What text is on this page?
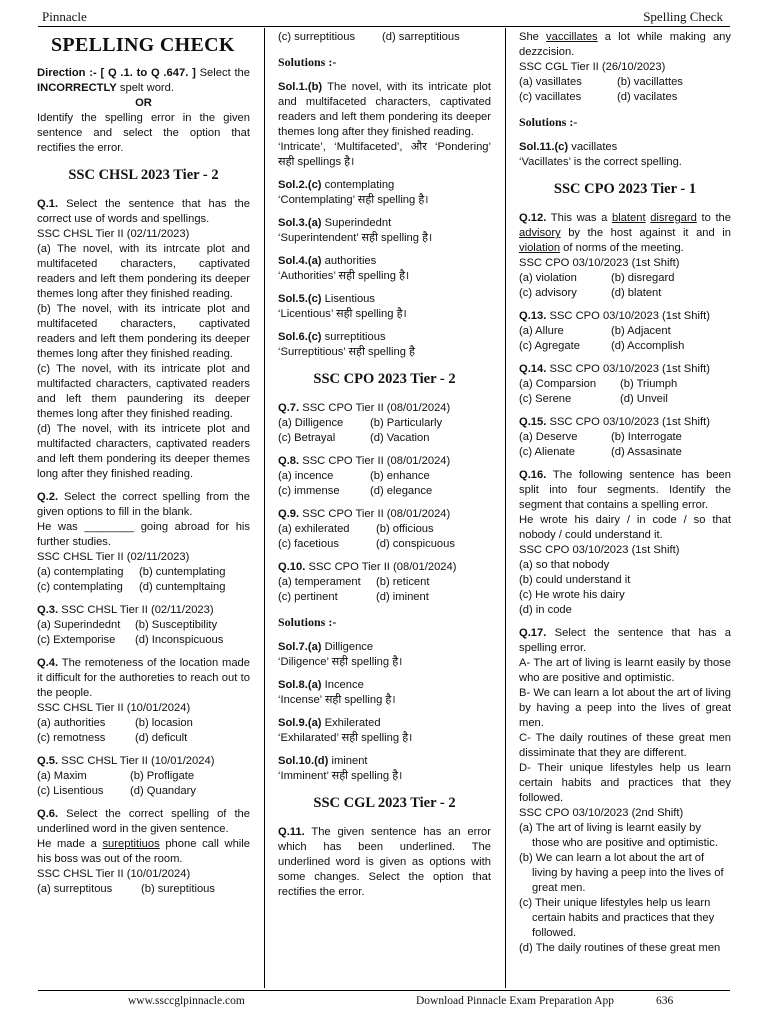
Pinnacle	Spelling Check
SPELLING CHECK
Direction :- [ Q .1. to Q .647. ] Select the INCORRECTLY spelt word.
OR
Identify the spelling error in the given sentence and select the option that rectifies the error.
SSC CHSL 2023 Tier - 2
Q.1. Select the sentence that has the correct use of words and spellings.
SSC CHSL Tier II (02/11/2023)
(a) The novel, with its intrcate plot and multifaceted characters, captivated readers and left them pondering its deeper themes long after they finished reading.
(b) The novel, with its intricate plot and multifaceted characters, captivated readers and left them pondering its deeper themes long after they finished reading.
(c) The novel, with its intricate plot and multifacted characters, captivated readers and left them paundering its deeper themes long after they finished reading.
(d) The novel, with its intricete plot and multifacted characters, captivated readers and left them pondering its deeper themes long after they finished reading.
Q.2. Select the correct spelling from the given options to fill in the blank.
He was ________ going abroad for his further studies.
SSC CHSL Tier II (02/11/2023)
(a) contemplating	(b) cuntemplating
(c) contemplating	(d) cuntempltaing
Q.3. SSC CHSL Tier II (02/11/2023)
(a) Superindednt	(b) Susceptibility
(c) Extemporise	(d) Inconspicuous
Q.4. The remoteness of the location made it difficult for the authoreties to reach out to the people.
SSC CHSL Tier II (10/01/2024)
(a) authorities	(b) locasion
(c) remotness	(d) deficult
Q.5. SSC CHSL Tier II (10/01/2024)
(a) Maxim	(b) Profligate
(c) Lisentious	(d) Quandary
Q.6. Select the correct spelling of the underlined word in the given sentence.
He made a sureptitiuos phone call while his boss was out of the room.
SSC CHSL Tier II (10/01/2024)
(a) surreptitous	(b) sureptitious
(c) surreptitious	(d) sarreptitious
Solutions :-
Sol.1.(b) The novel, with its intricate plot and multifaceted characters, captivated readers and left them pondering its deeper themes long after they finished reading.
‘Intricate’, ‘Multifaceted’, और ‘Pondering’ सही spellings है।
Sol.2.(c) contemplating
‘Contemplating’ सही spelling है।
Sol.3.(a) Superindednt
‘Superintendent’ सही spelling है।
Sol.4.(a) authorities
‘Authorities’ सही spelling है।
Sol.5.(c) Lisentious
‘Licentious’ सही spelling है।
Sol.6.(c) surreptitious
‘Surreptitious’ सही spelling है
SSC CPO 2023 Tier - 2
Q.7. SSC CPO Tier II (08/01/2024)
(a) Dilligence	(b) Particularly
(c) Betrayal	(d) Vacation
Q.8. SSC CPO Tier II (08/01/2024)
(a) incence	(b) enhance
(c) immense	(d) elegance
Q.9. SSC CPO Tier II (08/01/2024)
(a) exhilerated	(b) officious
(c) facetious	(d) conspicuous
Q.10. SSC CPO Tier II (08/01/2024)
(a) temperament	(b) reticent
(c) pertinent	(d) iminent
Solutions :-
Sol.7.(a) Dilligence
‘Diligence’ सही spelling है।
Sol.8.(a) Incence
‘Incense’ सही spelling है।
Sol.9.(a) Exhilerated
‘Exhilarated’ सही spelling है।
Sol.10.(d) iminent
‘Imminent’ सही spelling है।
SSC CGL 2023 Tier - 2
Q.11. The given sentence has an error which has been underlined. The underlined word is given as options with some changes. Select the option that rectifies the error.
She vaccillates a lot while making any dezzcision.
SSC CGL Tier II (26/10/2023)
(a) vasillates	(b) vacillattes
(c) vacillates	(d) vacilates
Solutions :-
Sol.11.(c) vacillates
‘Vacillates’ is the correct spelling.
SSC CPO 2023 Tier - 1
Q.12. This was a blatent disregard to the advisory by the host against it and in violation of norms of the meeting.
SSC CPO 03/10/2023 (1st Shift)
(a) violation	(b) disregard
(c) advisory	(d) blatent
Q.13. SSC CPO 03/10/2023 (1st Shift)
(a) Allure	(b) Adjacent
(c) Agregate	(d) Accomplish
Q.14. SSC CPO 03/10/2023 (1st Shift)
(a) Comparsion	(b) Triumph
(c) Serene	(d) Unveil
Q.15. SSC CPO 03/10/2023 (1st Shift)
(a) Deserve	(b) Interrogate
(c) Alienate	(d) Assasinate
Q.16. The following sentence has been split into four segments. Identify the segment that contains a spelling error.
He wrote his dairy / in code / so that nobody / could understand it.
SSC CPO 03/10/2023 (1st Shift)
(a) so that nobody
(b) could understand it
(c) He wrote his dairy
(d) in code
Q.17. Select the sentence that has a spelling error.
A- The art of living is learnt easily by those who are positive and optimistic.
B- We can learn a lot about the art of living by having a peep into the lives of great men.
C- The daily routines of these great men dissiminate that they are different.
D- Their unique lifestyles help us learn certain habits and practices that they followed.
SSC CPO 03/10/2023 (2nd Shift)
(a) The art of living is learnt easily by those who are positive and optimistic.
(b) We can learn a lot about the art of living by having a peep into the lives of great men.
(c) Their unique lifestyles help us learn certain habits and practices that they followed.
(d) The daily routines of these great men
www.ssccglpinnacle.com	Download Pinnacle Exam Preparation App	636
